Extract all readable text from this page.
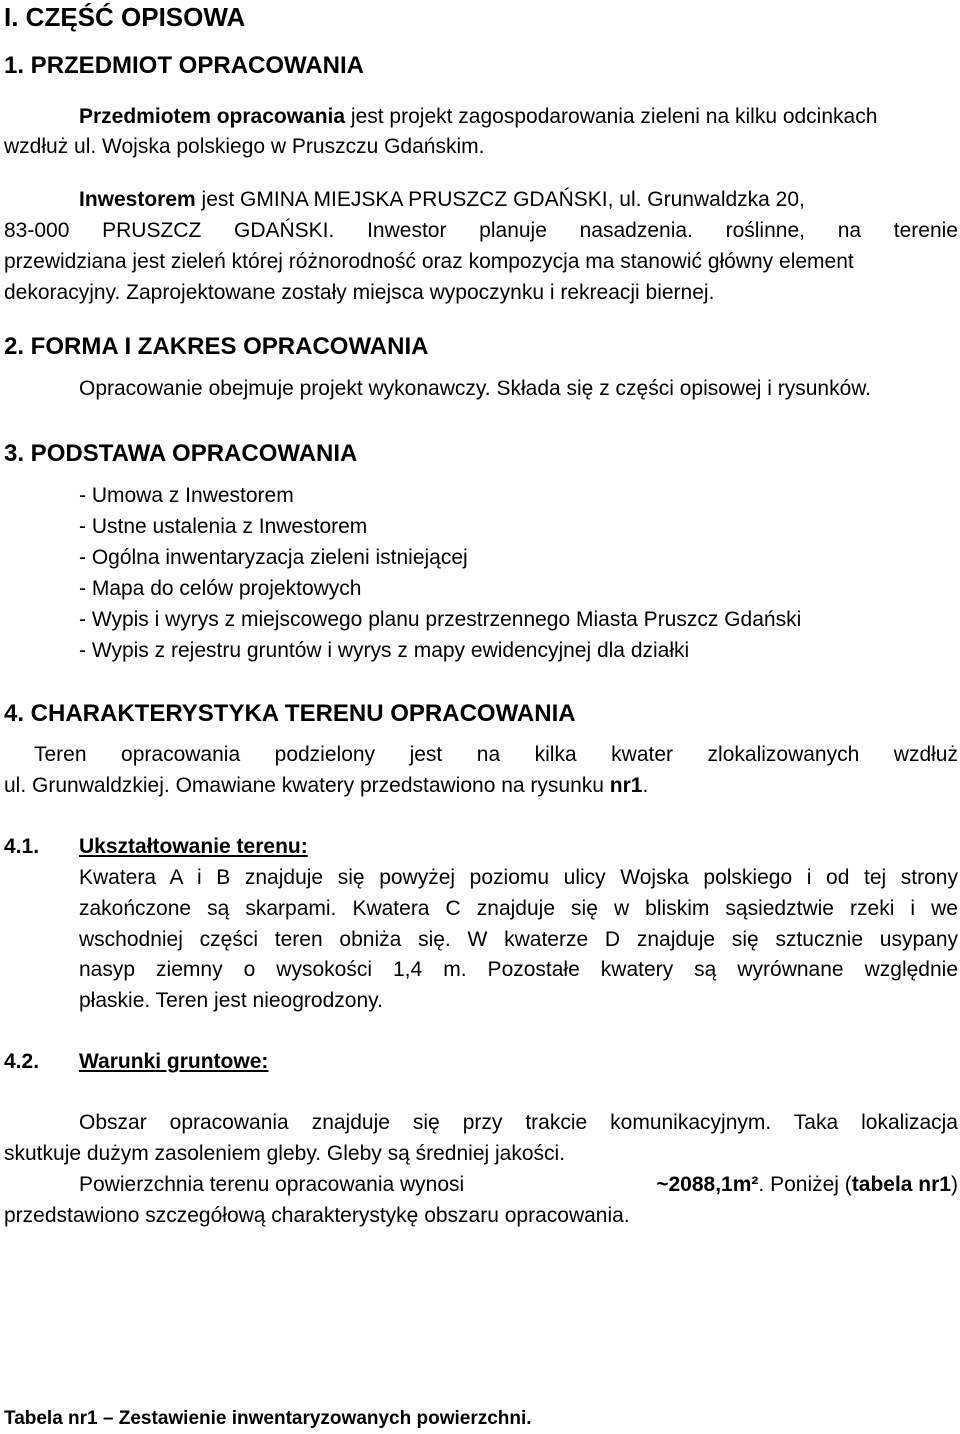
I. CZĘŚĆ OPISOWA
1. PRZEDMIOT OPRACOWANIA

Przedmiotem opracowania jest projekt zagospodarowania zieleni na kilku odcinkach

wzdłuż ul. Wojska polskiego w Pruszczu Gdańskim.

Inwestorem jest GMINA MIEJSKA PRUSZCZ GDAŃSKI, ul. Grunwaldzka 20,

83-000 PRUSZCZ GDAŃSKI. Inwestor planuje nasadzenia. roślinne, na terenie

przewidziana jest zieleń której różnorodność oraz kompozycja ma stanowić główny element

dekoracyjny. Zaprojektowane zostały miejsca wypoczynku i rekreacji biernej.

2. FORMA I ZAKRES OPRACOWANIA

Opracowanie obejmuje projekt wykonawczy. Składa się z części opisowej i rysunków.

3. PODSTAWA OPRACOWANIA

- Umowa z Inwestorem

- Ustne ustalenia z Inwestorem

- Ogólna inwentaryzacja zieleni istniejącej

- Mapa do celów projektowych

- Wypis i wyrys z miejscowego planu przestrzennego Miasta Pruszcz Gdański

- Wypis z rejestru gruntów i wyrys z mapy ewidencyjnej dla działki

4. CHARAKTERYSTYKA TERENU OPRACOWANIA

Teren opracowania podzielony jest na kilka kwater zlokalizowanych wzdłuż

ul. Grunwaldzkiej. Omawiane kwatery przedstawiono na rysunku nr1.

4.1. Ukształtowanie terenu:

Kwatera A i B znajduje się powyżej poziomu ulicy Wojska polskiego i od tej strony

zakończone są skarpami. Kwatera C znajduje się w bliskim sąsiedztwie rzeki i we

wschodniej części teren obniża się. W kwaterze D znajduje się sztucznie usypany

nasyp ziemny o wysokości 1,4 m. Pozostałe kwatery są wyrównane względnie

płaskie. Teren jest nieogrodzony.

4.2. Warunki gruntowe:

Obszar opracowania znajduje się przy trakcie komunikacyjnym. Taka lokalizacja

skutkuje dużym zasoleniem gleby. Gleby są średniej jakości.

Powierzchnia terenu opracowania wynosi	~2088,1m². Poniżej (tabela nr1)

przedstawiono szczegółową charakterystykę obszaru opracowania.

Tabela nr1 – Zestawienie inwentaryzowanych powierzchni.
